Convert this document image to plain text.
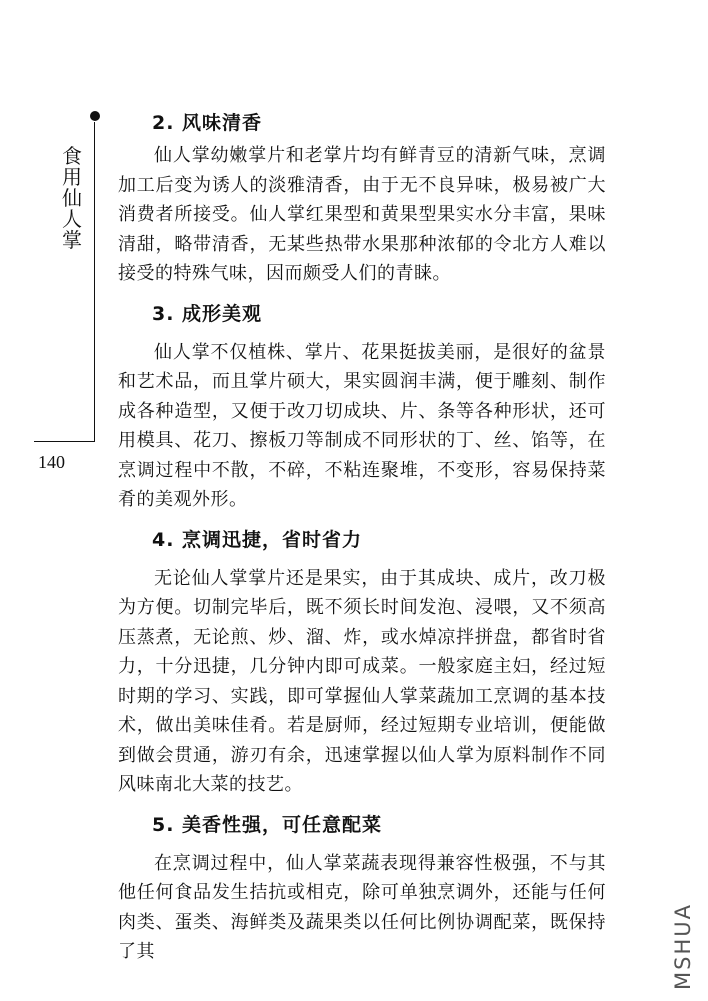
食用仙人掌
140
2. 风味清香

仙人掌幼嫩掌片和老掌片均有鲜青豆的清新气味，烹调加工后变为诱人的淡雅清香，由于无不良异味，极易被广大消费者所接受。仙人掌红果型和黄果型果实水分丰富，果味清甜，略带清香，无某些热带水果那种浓郁的令北方人难以接受的特殊气味，因而颇受人们的青睐。

3. 成形美观

仙人掌不仅植株、掌片、花果挺拔美丽，是很好的盆景和艺术品，而且掌片硕大，果实圆润丰满，便于雕刻、制作成各种造型，又便于改刀切成块、片、条等各种形状，还可用模具、花刀、擦板刀等制成不同形状的丁、丝、馅等，在烹调过程中不散，不碎，不粘连聚堆，不变形，容易保持菜肴的美观外形。

4. 烹调迅捷，省时省力

无论仙人掌掌片还是果实，由于其成块、成片，改刀极为方便。切制完毕后，既不须长时间发泡、浸喂，又不须高压蒸煮，无论煎、炒、溜、炸，或水焯凉拌拼盘，都省时省力，十分迅捷，几分钟内即可成菜。一般家庭主妇，经过短时期的学习、实践，即可掌握仙人掌菜蔬加工烹调的基本技术，做出美味佳肴。若是厨师，经过短期专业培训，便能做到做会贯通，游刃有余，迅速掌握以仙人掌为原料制作不同风味南北大菜的技艺。

5. 美香性强，可任意配菜

在烹调过程中，仙人掌菜蔬表现得兼容性极强，不与其他任何食品发生拮抗或相克，除可单独烹调外，还能与任何肉类、蛋类、海鲜类及蔬果类以任何比例协调配菜，既保持了其	MSHUA
